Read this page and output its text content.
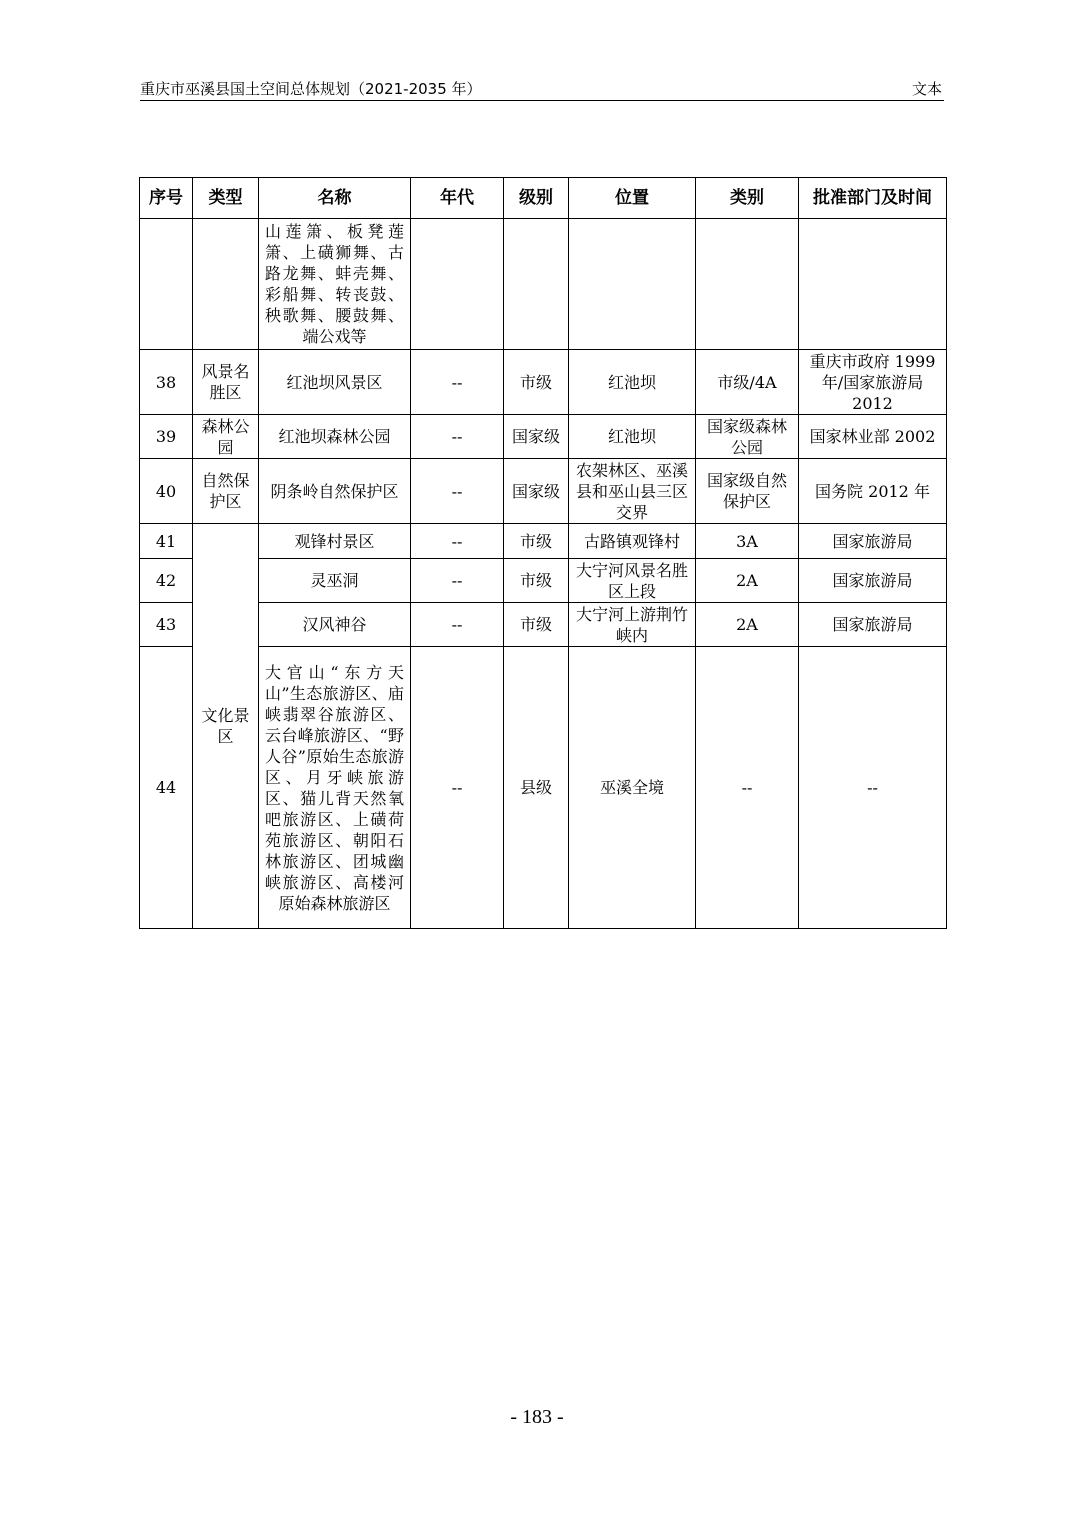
重庆市巫溪县国土空间总体规划（2021-2035 年）	文本
序号	类型	名称	年代	级别	位置	类别	批准部门及时间
		山莲箫、板凳莲箫、上磺狮舞、古路龙舞、蚌壳舞、彩船舞、转丧鼓、秧歌舞、腰鼓舞、端公戏等					
38	风景名胜区	红池坝风景区	--	市级	红池坝	市级/4A	重庆市政府 1999 年/国家旅游局 2012
39	森林公园	红池坝森林公园	--	国家级	红池坝	国家级森林公园	国家林业部 2002
40	自然保护区	阴条岭自然保护区	--	国家级	农架林区、巫溪县和巫山县三区交界	国家级自然保护区	国务院 2012 年
41	文化景区	观锋村景区	--	市级	古路镇观锋村	3A	国家旅游局
42		灵巫洞	--	市级	大宁河风景名胜区上段	2A	国家旅游局
43		汉风神谷	--	市级	大宁河上游荆竹峡内	2A	国家旅游局
44		大官山“东方天山”生态旅游区、庙峡翡翠谷旅游区、云台峰旅游区、“野人谷”原始生态旅游区、月牙峡旅游区、猫儿背天然氧吧旅游区、上磺荷苑旅游区、朝阳石林旅游区、团城幽峡旅游区、高楼河原始森林旅游区	--	县级	巫溪全境	--	--
- 183 -
